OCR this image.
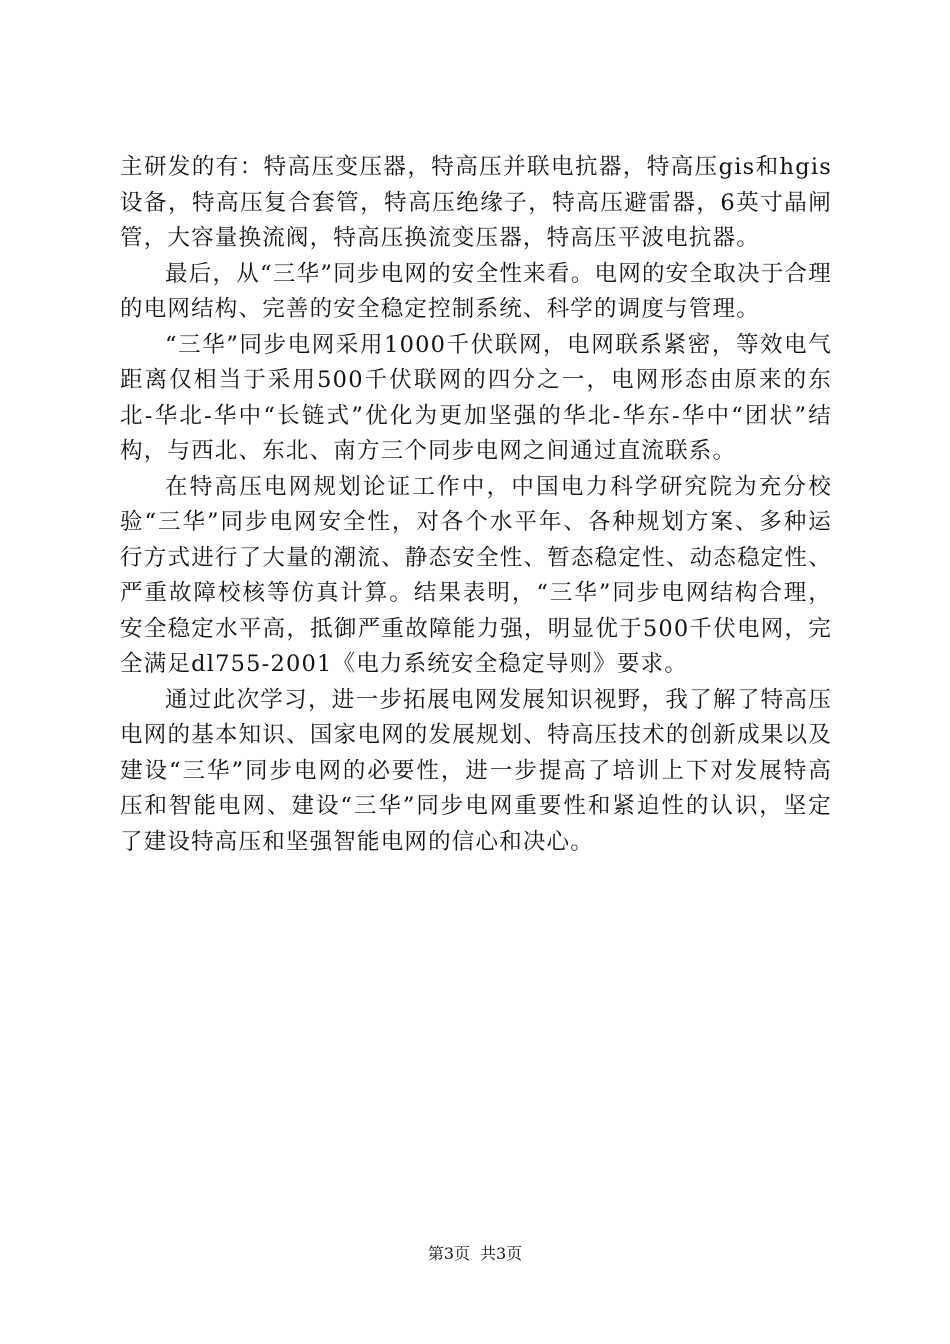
主研发的有：特高压变压器，特高压并联电抗器，特高压gis和hgis设备，特高压复合套管，特高压绝缘子，特高压避雷器，6英寸晶闸管，大容量换流阀，特高压换流变压器，特高压平波电抗器。

最后，从“三华”同步电网的安全性来看。电网的安全取决于合理的电网结构、完善的安全稳定控制系统、科学的调度与管理。

“三华”同步电网采用1000千伏联网，电网联系紧密，等效电气距离仅相当于采用500千伏联网的四分之一，电网形态由原来的东北-华北-华中“长链式”优化为更加坚强的华北-华东-华中“团状”结构，与西北、东北、南方三个同步电网之间通过直流联系。

在特高压电网规划论证工作中，中国电力科学研究院为充分校验“三华”同步电网安全性，对各个水平年、各种规划方案、多种运行方式进行了大量的潮流、静态安全性、暂态稳定性、动态稳定性、严重故障校核等仿真计算。结果表明，“三华”同步电网结构合理，安全稳定水平高，抵御严重故障能力强，明显优于500千伏电网，完全满足dl755-2001《电力系统安全稳定导则》要求。

通过此次学习，进一步拓展电网发展知识视野，我了解了特高压电网的基本知识、国家电网的发展规划、特高压技术的创新成果以及建设“三华”同步电网的必要性，进一步提高了培训上下对发展特高压和智能电网、建设“三华”同步电网重要性和紧迫性的认识，坚定了建设特高压和坚强智能电网的信心和决心。

第3页 共3页
